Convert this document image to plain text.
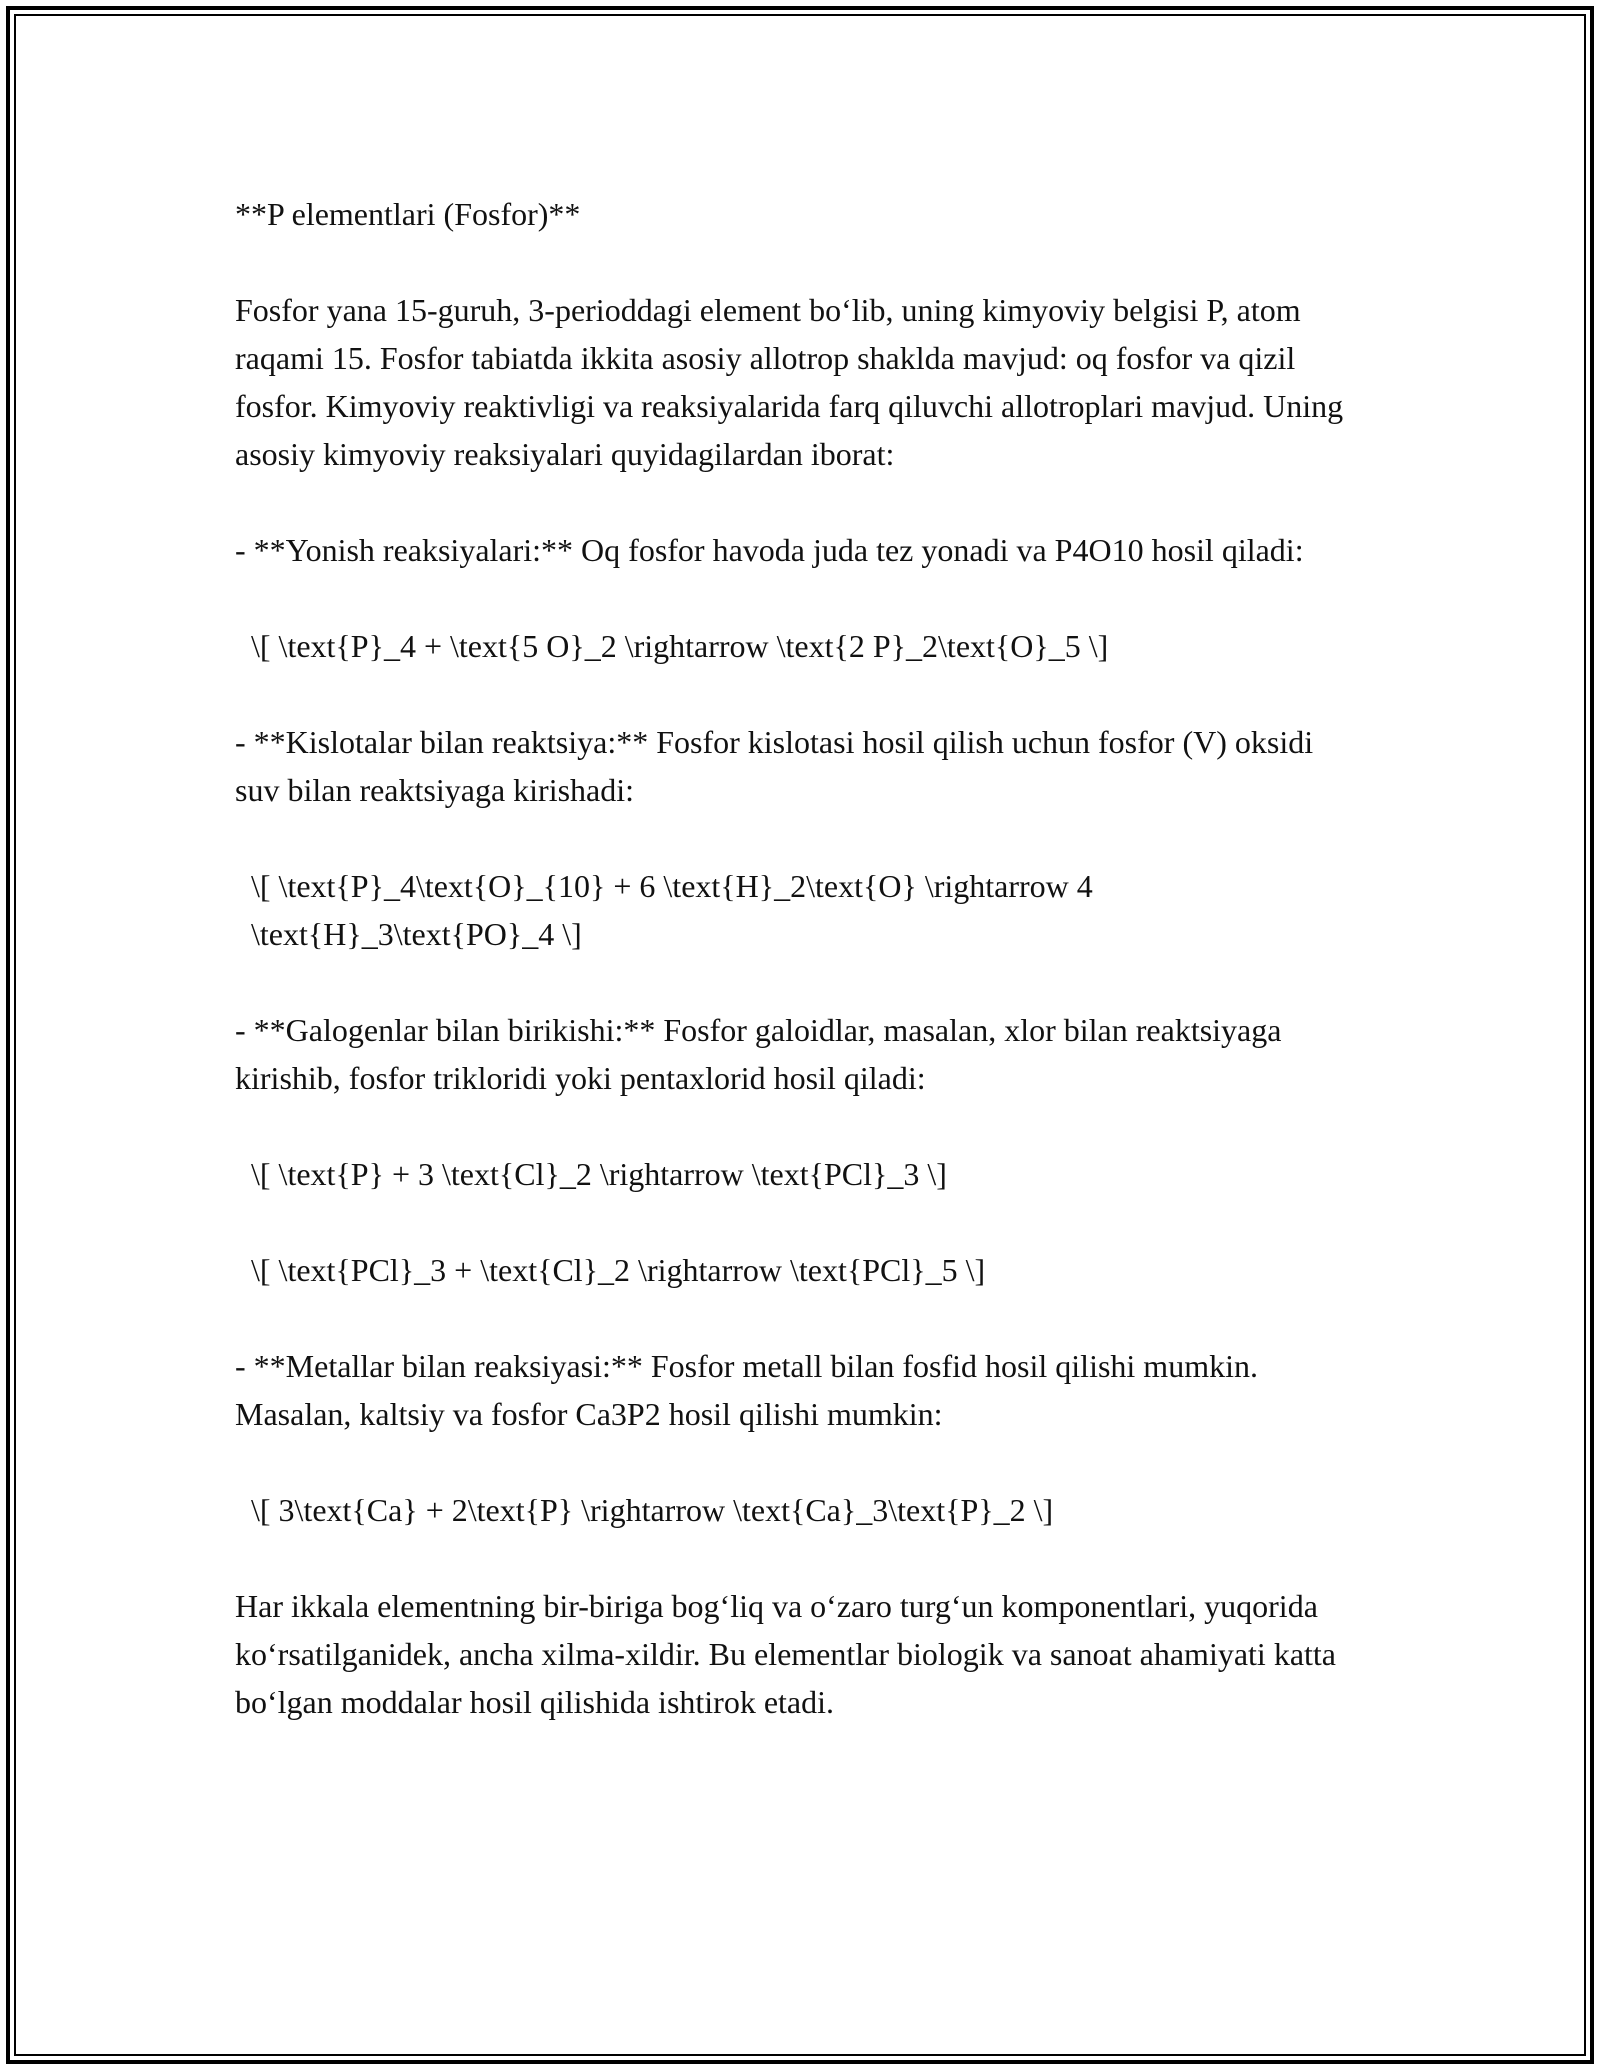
**P elementlari (Fosfor)**

Fosfor yana 15-guruh, 3-perioddagi element bo‘lib, uning kimyoviy belgisi P, atom raqami 15. Fosfor tabiatda ikkita asosiy allotrop shaklda mavjud: oq fosfor va qizil fosfor. Kimyoviy reaktivligi va reaksiyalarida farq qiluvchi allotroplari mavjud. Uning asosiy kimyoviy reaksiyalari quyidagilardan iborat:

- **Yonish reaksiyalari:** Oq fosfor havoda juda tez yonadi va P4O10 hosil qiladi:

\[ \text{P}_4 + \text{5 O}_2 \rightarrow \text{2 P}_2\text{O}_5 \]

- **Kislotalar bilan reaktsiya:** Fosfor kislotasi hosil qilish uchun fosfor (V) oksidi suv bilan reaktsiyaga kirishadi:

\[ \text{P}_4\text{O}_{10} + 6 \text{H}_2\text{O} \rightarrow 4 \text{H}_3\text{PO}_4 \]

- **Galogenlar bilan birikishi:** Fosfor galoidlar, masalan, xlor bilan reaktsiyaga kirishib, fosfor trikloridi yoki pentaxlorid hosil qiladi:

\[ \text{P} + 3 \text{Cl}_2 \rightarrow \text{PCl}_3 \]

\[ \text{PCl}_3 + \text{Cl}_2 \rightarrow \text{PCl}_5 \]

- **Metallar bilan reaksiyasi:** Fosfor metall bilan fosfid hosil qilishi mumkin. Masalan, kaltsiy va fosfor Ca3P2 hosil qilishi mumkin:

\[ 3\text{Ca} + 2\text{P} \rightarrow \text{Ca}_3\text{P}_2 \]

Har ikkala elementning bir-biriga bog‘liq va o‘zaro turg‘un komponentlari, yuqorida ko‘rsatilganidek, ancha xilma-xildir. Bu elementlar biologik va sanoat ahamiyati katta bo‘lgan moddalar hosil qilishida ishtirok etadi.
